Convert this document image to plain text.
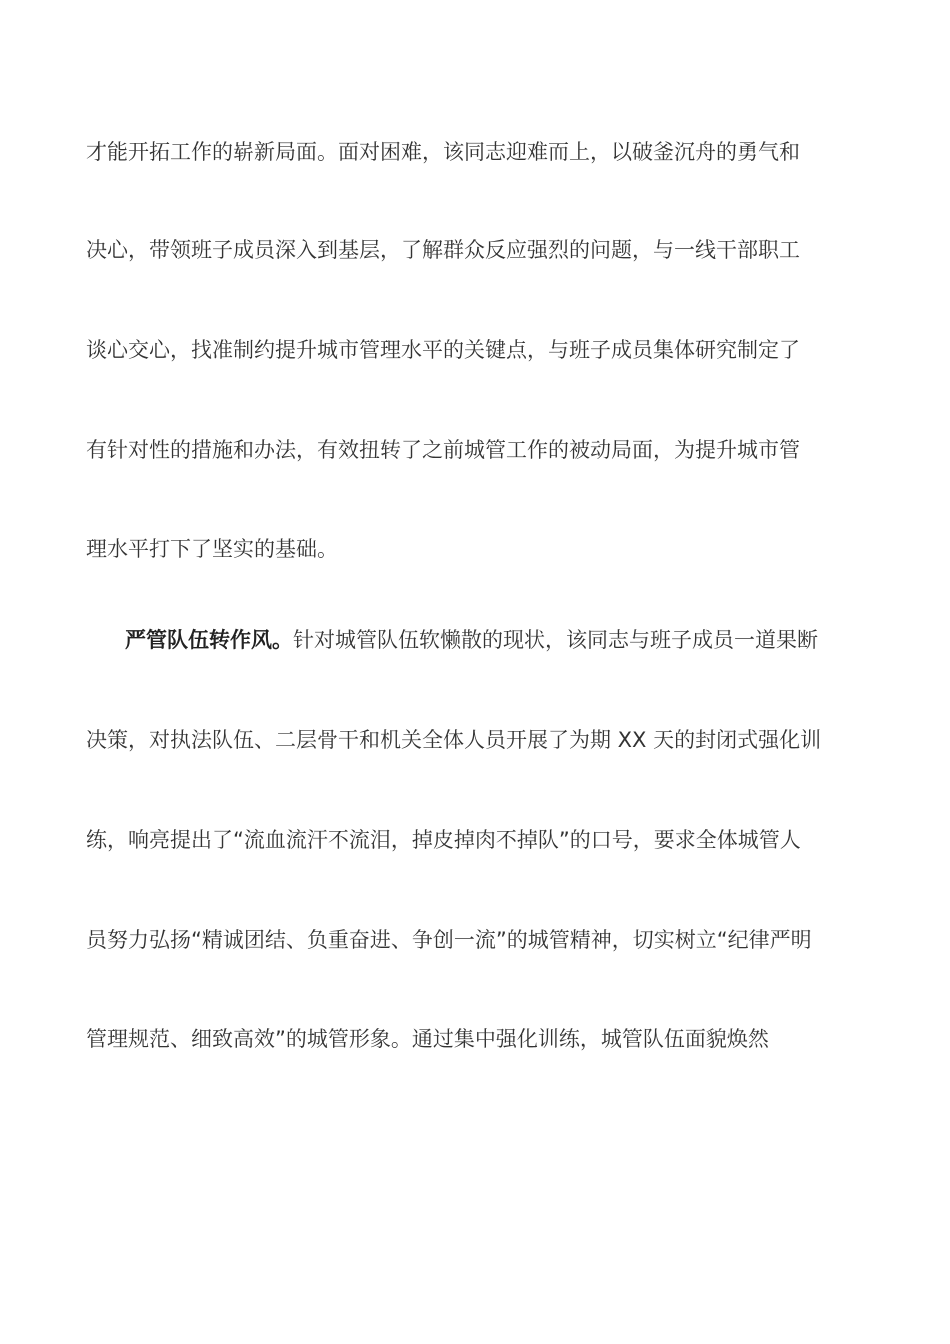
才能开拓工作的崭新局面。面对困难，该同志迎难而上，以破釜沉舟的勇气和
决心，带领班子成员深入到基层，了解群众反应强烈的问题，与一线干部职工
谈心交心，找准制约提升城市管理水平的关键点，与班子成员集体研究制定了
有针对性的措施和办法，有效扭转了之前城管工作的被动局面，为提升城市管
理水平打下了坚实的基础。
严管队伍转作风。针对城管队伍软懒散的现状，该同志与班子成员一道果断
决策，对执法队伍、二层骨干和机关全体人员开展了为期 XX 天的封闭式强化训
练，响亮提出了“流血流汗不流泪，掉皮掉肉不掉队”的口号，要求全体城管人
员努力弘扬“精诚团结、负重奋进、争创一流”的城管精神，切实树立“纪律严明
管理规范、细致高效”的城管形象。通过集中强化训练，城管队伍面貌焕然
